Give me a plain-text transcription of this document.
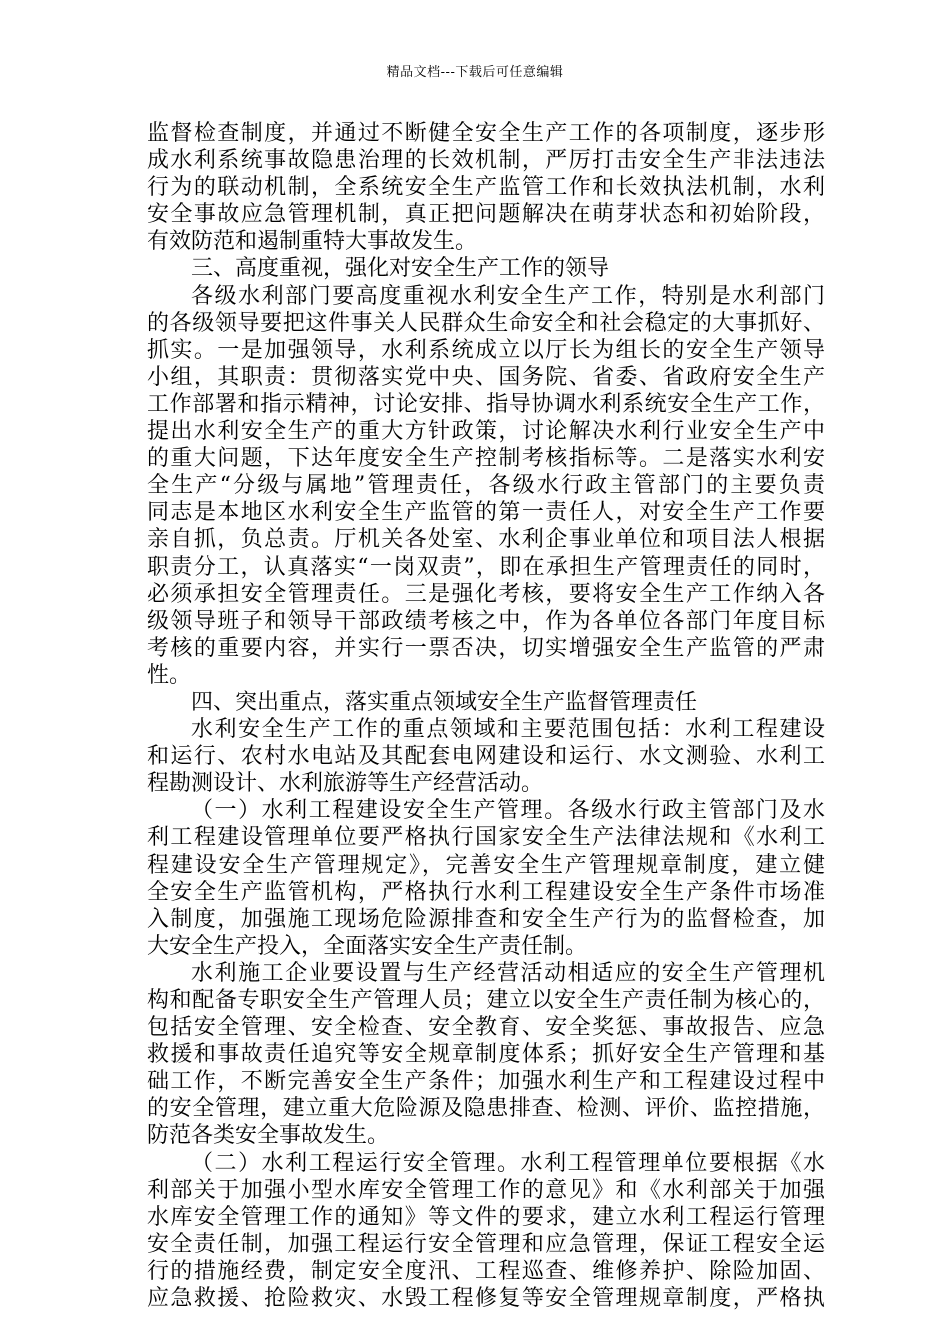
精品文档---下载后可任意编辑
监督检查制度，并通过不断健全安全生产工作的各项制度，逐步形
成水利系统事故隐患治理的长效机制，严厉打击安全生产非法违法
行为的联动机制，全系统安全生产监管工作和长效执法机制，水利
安全事故应急管理机制，真正把问题解决在萌芽状态和初始阶段，
有效防范和遏制重特大事故发生。
三、高度重视，强化对安全生产工作的领导
各级水利部门要高度重视水利安全生产工作，特别是水利部门
的各级领导要把这件事关人民群众生命安全和社会稳定的大事抓好、
抓实。一是加强领导，水利系统成立以厅长为组长的安全生产领导
小组，其职责：贯彻落实党中央、国务院、省委、省政府安全生产
工作部署和指示精神，讨论安排、指导协调水利系统安全生产工作，
提出水利安全生产的重大方针政策，讨论解决水利行业安全生产中
的重大问题，下达年度安全生产控制考核指标等。二是落实水利安
全生产“分级与属地”管理责任，各级水行政主管部门的主要负责
同志是本地区水利安全生产监管的第一责任人，对安全生产工作要
亲自抓，负总责。厅机关各处室、水利企事业单位和项目法人根据
职责分工，认真落实“一岗双责”，即在承担生产管理责任的同时，
必须承担安全管理责任。三是强化考核，要将安全生产工作纳入各
级领导班子和领导干部政绩考核之中，作为各单位各部门年度目标
考核的重要内容，并实行一票否决，切实增强安全生产监管的严肃
性。
四、突出重点，落实重点领域安全生产监督管理责任
水利安全生产工作的重点领域和主要范围包括：水利工程建设
和运行、农村水电站及其配套电网建设和运行、水文测验、水利工
程勘测设计、水利旅游等生产经营活动。
（一）水利工程建设安全生产管理。各级水行政主管部门及水
利工程建设管理单位要严格执行国家安全生产法律法规和《水利工
程建设安全生产管理规定》，完善安全生产管理规章制度，建立健
全安全生产监管机构，严格执行水利工程建设安全生产条件市场准
入制度，加强施工现场危险源排查和安全生产行为的监督检查，加
大安全生产投入，全面落实安全生产责任制。
水利施工企业要设置与生产经营活动相适应的安全生产管理机
构和配备专职安全生产管理人员；建立以安全生产责任制为核心的，
包括安全管理、安全检查、安全教育、安全奖惩、事故报告、应急
救援和事故责任追究等安全规章制度体系；抓好安全生产管理和基
础工作，不断完善安全生产条件；加强水利生产和工程建设过程中
的安全管理，建立重大危险源及隐患排查、检测、评价、监控措施，
防范各类安全事故发生。
（二）水利工程运行安全管理。水利工程管理单位要根据《水
利部关于加强小型水库安全管理工作的意见》和《水利部关于加强
水库安全管理工作的通知》等文件的要求，建立水利工程运行管理
安全责任制，加强工程运行安全管理和应急管理，保证工程安全运
行的措施经费，制定安全度汛、工程巡查、维修养护、除险加固、
应急救援、抢险救灾、水毁工程修复等安全管理规章制度，严格执
